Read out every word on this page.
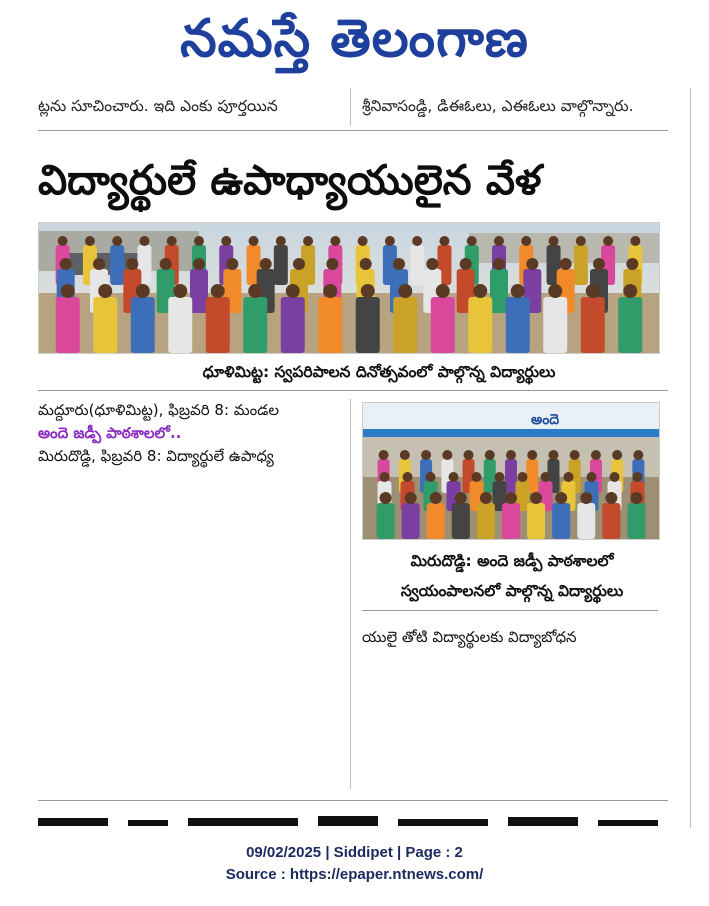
నమస్తే తెలంగాణ
ట్లను సూచించారు. ఇది ఎంకు పూర్తయిన	శ్రీనివాసండ్డి, డిఈఓలు, ఎఈఓలు వాల్గొన్నారు.
విద్యార్థులే ఉపాధ్యాయులైన వేళ
ధూళిమిట్ట: స్వపరిపాలన దినోత్సవంలో పాల్గొన్న విద్యార్థులు
మద్దూరు(ధూళిమిట్ట), ఫిబ్రవరి 8: మండల
అందె జడ్పీ పాఠశాలలో..
మిరుదొడ్డి, ఫిబ్రవరి 8: విద్యార్థులే ఉపాధ్య
అందె
మిరుదొడ్డి: అందె జడ్పీ పాఠశాలలో
స్వయంపాలనలో పాల్గొన్న విద్యార్థులు
యులై తోటి విద్యార్థులకు విద్యాబోధన
09/02/2025 | Siddipet | Page : 2
Source : https://epaper.ntnews.com/
